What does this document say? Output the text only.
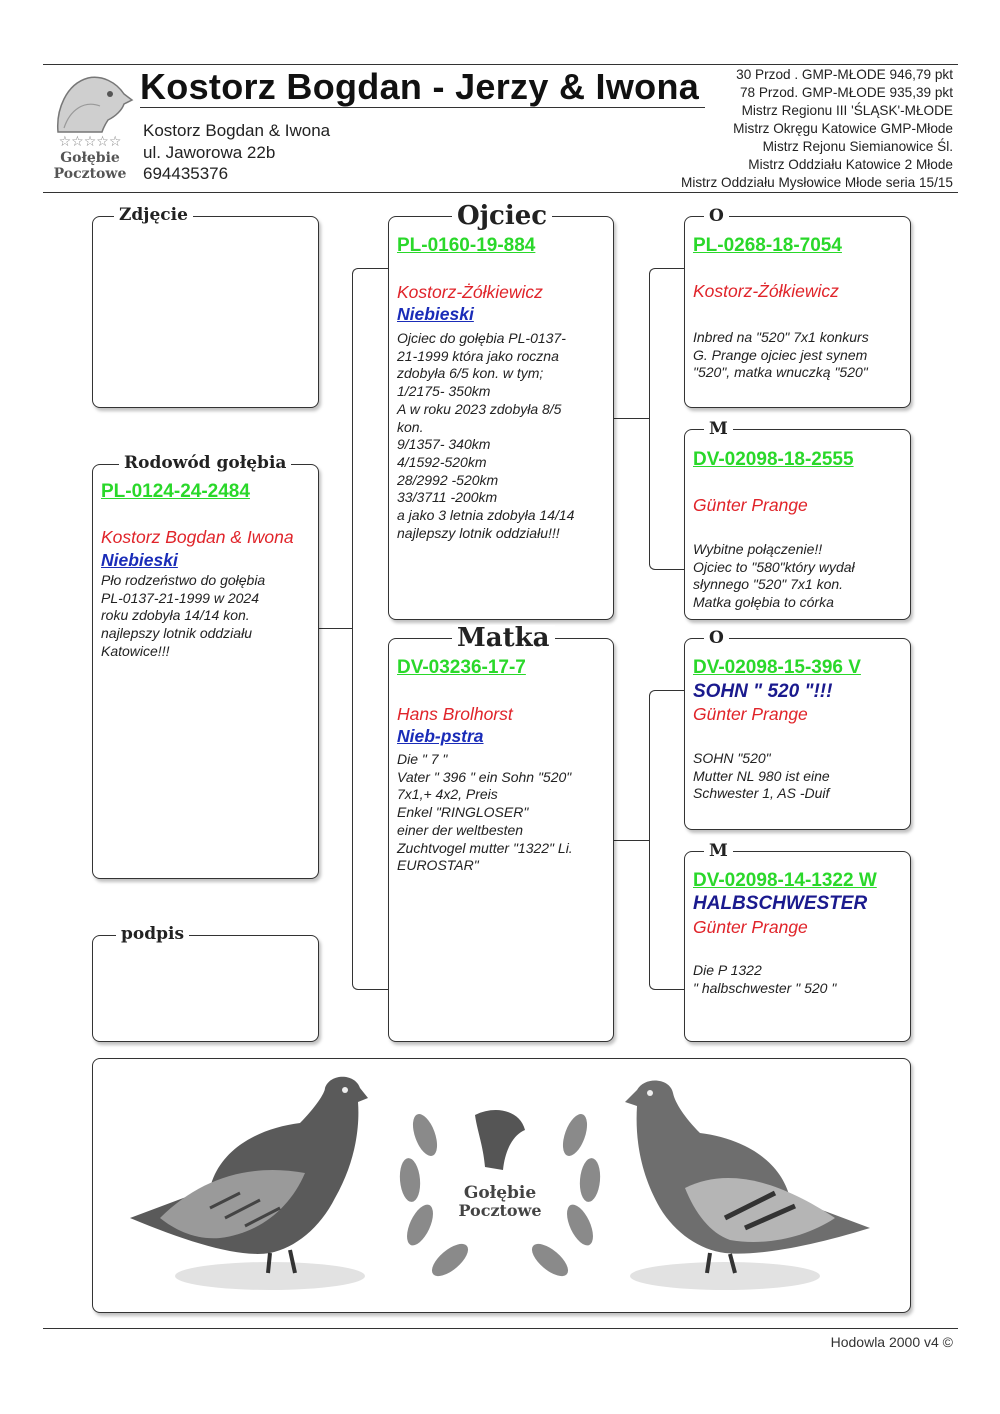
☆☆☆☆☆
Gołębie
Pocztowe
Kostorz Bogdan - Jerzy & Iwona
Kostorz Bogdan & Iwona
ul. Jaworowa 22b
694435376
30 Przod . GMP-MŁODE 946,79 pkt
78 Przod. GMP-MŁODE 935,39 pkt
Mistrz Regionu III 'ŚLĄSK'-MŁODE
Mistrz Okręgu Katowice GMP-Młode
Mistrz Rejonu Siemianowice Śl.
Mistrz Oddziału Katowice 2 Młode
Mistrz Oddziału Mysłowice Młode seria 15/15
Zdjęcie
Rodowód gołębia
PL-0124-24-2484
Kostorz Bogdan & Iwona
Niebieski
Pło rodzeństwo do gołębia
PL-0137-21-1999 w 2024
roku zdobyła 14/14 kon.
najlepszy lotnik oddziału
Katowice!!!
podpis
Ojciec
PL-0160-19-884
Kostorz-Żółkiewicz
Niebieski
Ojciec do gołębia PL-0137-
21-1999 która jako roczna
zdobyła 6/5 kon. w tym;
1/2175- 350km
A w roku 2023 zdobyła 8/5
kon.
9/1357- 340km
4/1592-520km
28/2992 -520km
33/3711 -200km
a jako 3 letnia zdobyła 14/14
najlepszy lotnik oddziału!!!
Matka
DV-03236-17-7
Hans Brolhorst
Nieb-pstra
Die " 7 "
Vater " 396 " ein Sohn "520"
7x1,+ 4x2, Preis
Enkel "RINGLOSER"
einer der weltbesten
Zuchtvogel mutter "1322" Li.
EUROSTAR"
O
PL-0268-18-7054
Kostorz-Żółkiewicz
Inbred na "520" 7x1 konkurs
G. Prange ojciec jest synem
"520", matka wnuczką "520"
M
DV-02098-18-2555
Günter Prange
Wybitne połączenie!!
Ojciec to "580"który wydał
słynnego "520" 7x1 kon.
Matka gołębia to córka
O
DV-02098-15-396 V
SOHN " 520 "!!!
Günter Prange
SOHN "520"
Mutter NL 980 ist eine
Schwester 1, AS -Duif
M
DV-02098-14-1322 W
HALBSCHWESTER
Günter Prange
Die P 1322
" halbschwester " 520 "
Gołębie
Pocztowe
Hodowla 2000 v4 ©
